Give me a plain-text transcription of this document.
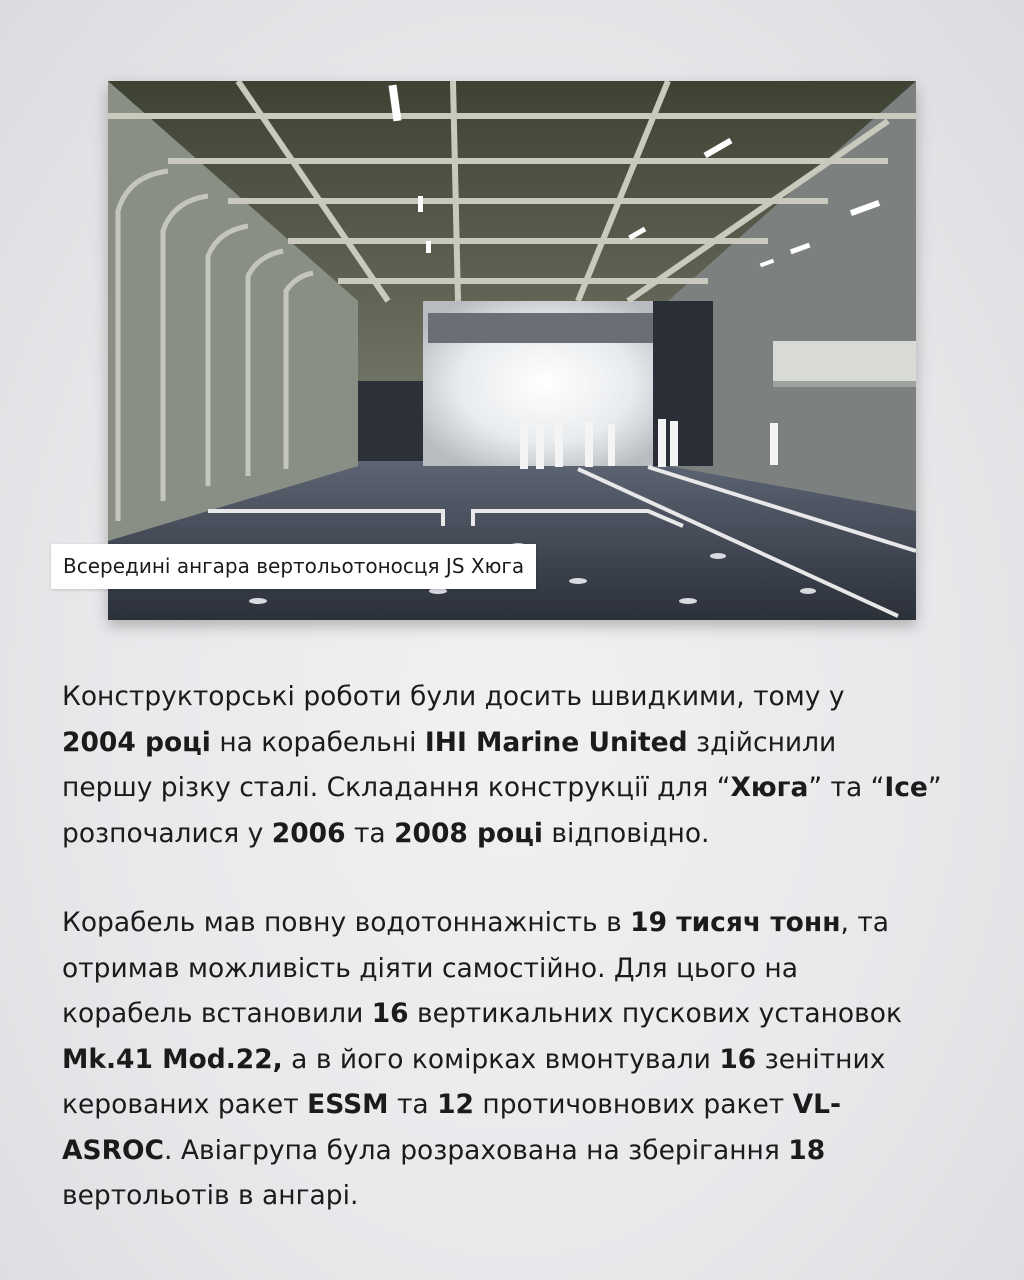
Всередині ангара вертольотоносця JS Хюга
Конструкторські роботи були досить швидкими, тому у
2004 році на корабельні IHI Marine United здійснили
першу різку сталі. Складання конструкції для “Хюга” та “Ice”
розпочалися у 2006 та 2008 році відповідно.
Корабель мав повну водотоннажність в 19 тисяч тонн, та
отримав можливість діяти самостійно. Для цього на
корабель встановили 16 вертикальних пускових установок
Mk.41 Mod.22, а в його комірках вмонтували 16 зенітних
керованих ракет ESSM та 12 протичовнових ракет VL-
ASROC. Авіагрупа була розрахована на зберігання 18
вертольотів в ангарі.
